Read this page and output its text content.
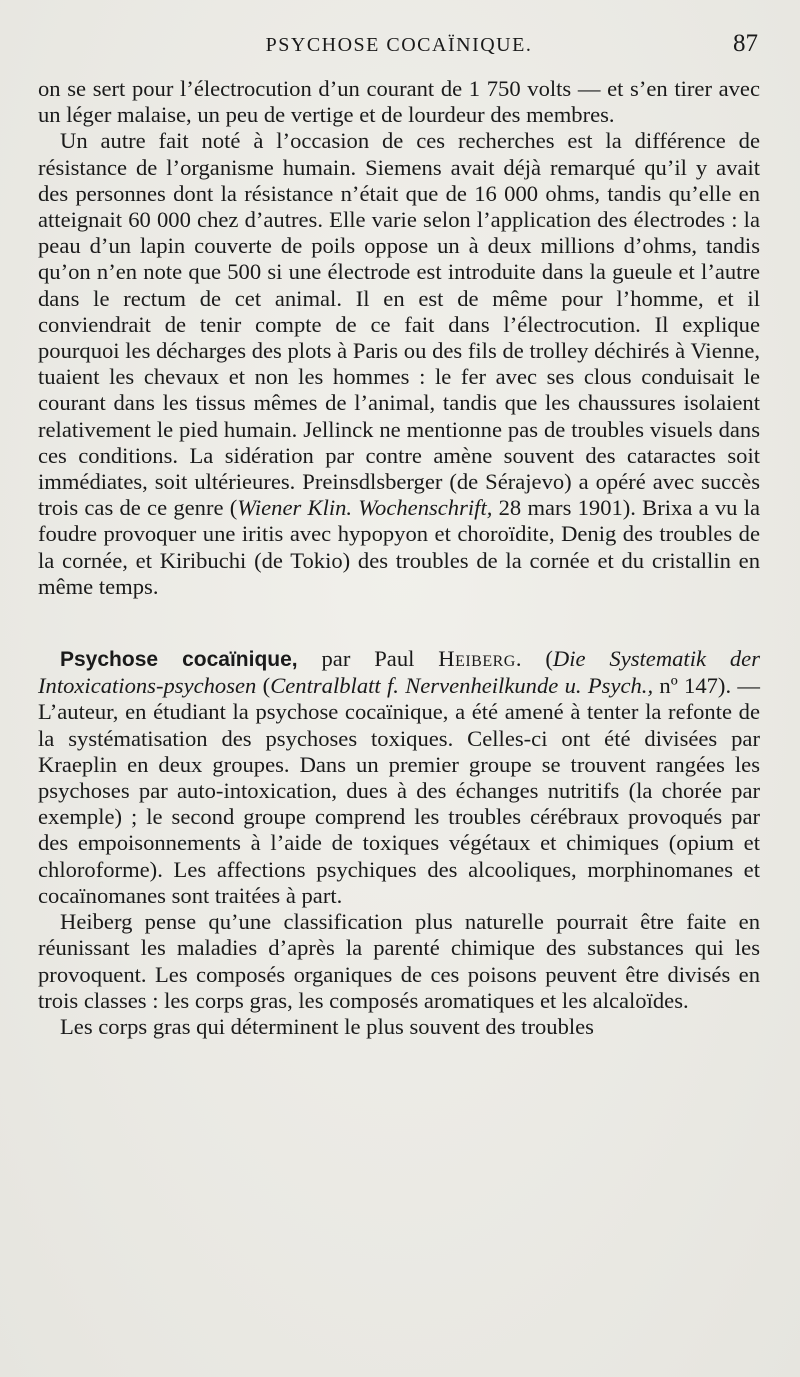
PSYCHOSE COCAÏNIQUE.	87

on se sert pour l’électrocution d’un courant de 1 750 volts — et s’en tirer avec un léger malaise, un peu de vertige et de lourdeur des membres.

Un autre fait noté à l’occasion de ces recherches est la différence de résistance de l’organisme humain. Siemens avait déjà remarqué qu’il y avait des personnes dont la résistance n’était que de 16 000 ohms, tandis qu’elle en atteignait 60 000 chez d’autres. Elle varie selon l’application des électrodes : la peau d’un lapin couverte de poils oppose un à deux millions d’ohms, tandis qu’on n’en note que 500 si une électrode est introduite dans la gueule et l’autre dans le rectum de cet animal. Il en est de même pour l’homme, et il conviendrait de tenir compte de ce fait dans l’électrocution. Il explique pourquoi les décharges des plots à Paris ou des fils de trolley déchirés à Vienne, tuaient les chevaux et non les hommes : le fer avec ses clous conduisait le courant dans les tissus mêmes de l’animal, tandis que les chaussures isolaient relativement le pied humain. Jellinck ne mentionne pas de troubles visuels dans ces conditions. La sidération par contre amène souvent des cataractes soit immédiates, soit ultérieures. Preinsdlsberger (de Sérajevo) a opéré avec succès trois cas de ce genre (Wiener Klin. Wochenschrift, 28 mars 1901). Brixa a vu la foudre provoquer une iritis avec hypopyon et choroïdite, Denig des troubles de la cornée, et Kiribuchi (de Tokio) des troubles de la cornée et du cristallin en même temps.

Psychose cocaïnique, par Paul Heiberg. (Die Systematik der Intoxications-psychosen (Centralblatt f. Nervenheilkunde u. Psych., nº 147). — L’auteur, en étudiant la psychose cocaïnique, a été amené à tenter la refonte de la systématisation des psychoses toxiques. Celles-ci ont été divisées par Kraeplin en deux groupes. Dans un premier groupe se trouvent rangées les psychoses par auto-intoxication, dues à des échanges nutritifs (la chorée par exemple) ; le second groupe comprend les troubles cérébraux provoqués par des empoisonnements à l’aide de toxiques végétaux et chimiques (opium et chloroforme). Les affections psychiques des alcooliques, morphinomanes et cocaïnomanes sont traitées à part.

Heiberg pense qu’une classification plus naturelle pourrait être faite en réunissant les maladies d’après la parenté chimique des substances qui les provoquent. Les composés organiques de ces poisons peuvent être divisés en trois classes : les corps gras, les composés aromatiques et les alcaloïdes.

Les corps gras qui déterminent le plus souvent des troubles
